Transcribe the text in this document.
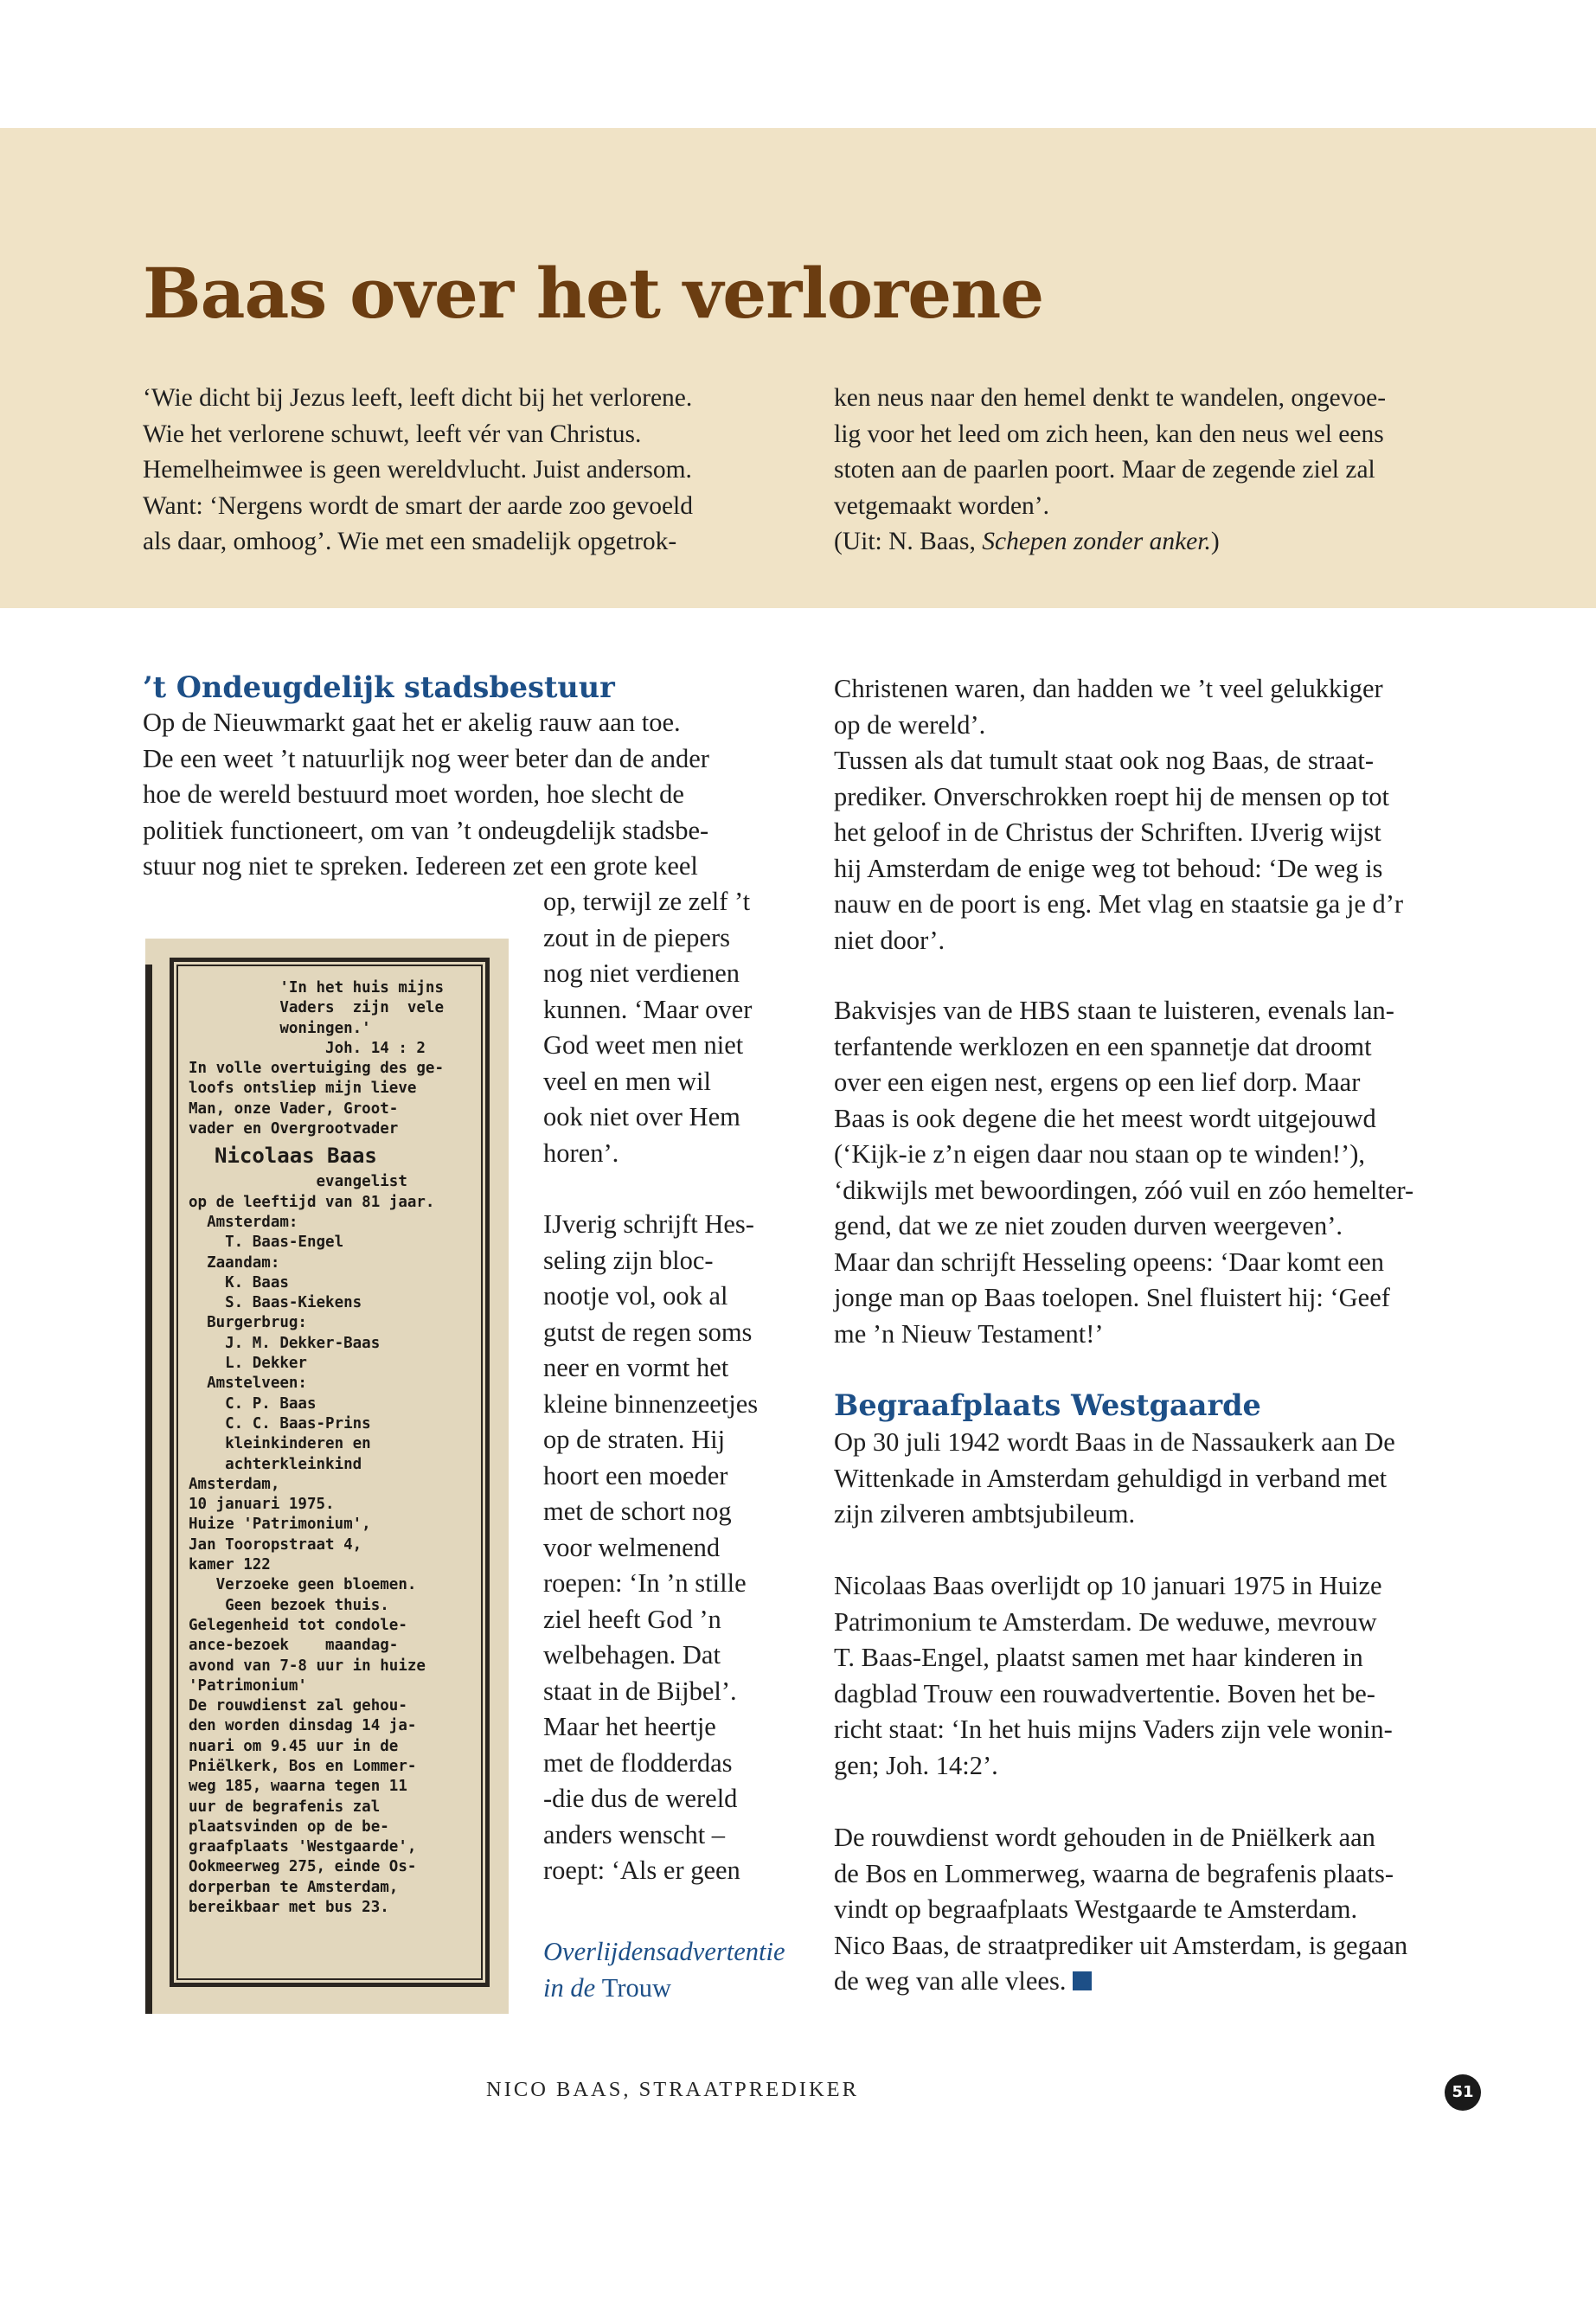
Baas over het verlorene
‘Wie dicht bij Jezus leeft, leeft dicht bij het verlorene.
Wie het verlorene schuwt, leeft vér van Christus.
Hemelheimwee is geen wereldvlucht. Juist andersom.
Want: ‘Nergens wordt de smart der aarde zoo gevoeld
als daar, omhoog’. Wie met een smadelijk opgetrok-
ken neus naar den hemel denkt te wandelen, ongevoe-
lig voor het leed om zich heen, kan den neus wel eens
stoten aan de paarlen poort. Maar de zegende ziel zal
vetgemaakt worden’.
(Uit: N. Baas, Schepen zonder anker.)
’t Ondeugdelijk stadsbestuur
Op de Nieuwmarkt gaat het er akelig rauw aan toe.
De een weet ’t natuurlijk nog weer beter dan de ander
hoe de wereld bestuurd moet worden, hoe slecht de
politiek functioneert, om van ’t ondeugdelijk stadsbe-
stuur nog niet te spreken. Iedereen zet een grote keel
op, terwijl ze zelf ’t
zout in de piepers
nog niet verdienen
kunnen. ‘Maar over
God weet men niet
veel en men wil
ook niet over Hem
horen’.
IJverig schrijft Hes-
seling zijn bloc-
nootje vol, ook al
gutst de regen soms
neer en vormt het
kleine binnenzeetjes
op de straten. Hij
hoort een moeder
met de schort nog
voor welmenend
roepen: ‘In ’n stille
ziel heeft God ’n
welbehagen. Dat
staat in de Bijbel’.
Maar het heertje
met de flodderdas
-die dus de wereld
anders wenscht –
roept: ‘Als er geen
'In het huis mijns
Vaders  zijn  vele
woningen.'
Joh. 14 : 2
In volle overtuiging des ge-
loofs ontsliep mijn lieve
Man, onze Vader, Groot-
vader en Overgrootvader
Nicolaas Baas
evangelist
op de leeftijd van 81 jaar.
Amsterdam:
T. Baas-Engel
Zaandam:
K. Baas
S. Baas-Kiekens
Burgerbrug:
J. M. Dekker-Baas
L. Dekker
Amstelveen:
C. P. Baas
C. C. Baas-Prins
kleinkinderen en
achterkleinkind
Amsterdam,
10 januari 1975.
Huize 'Patrimonium',
Jan Tooropstraat 4,
kamer 122
Verzoeke geen bloemen.
Geen bezoek thuis.
Gelegenheid tot condole-
ance-bezoek    maandag-
avond van 7-8 uur in huize
'Patrimonium'
De rouwdienst zal gehou-
den worden dinsdag 14 ja-
nuari om 9.45 uur in de
Pniëlkerk, Bos en Lommer-
weg 185, waarna tegen 11
uur de begrafenis zal
plaatsvinden op de be-
graafplaats 'Westgaarde',
Ookmeerweg 275, einde Os-
dorperban te Amsterdam,
bereikbaar met bus 23.
Overlijdensadvertentie
in de Trouw
Christenen waren, dan hadden we ’t veel gelukkiger
op de wereld’.
Tussen als dat tumult staat ook nog Baas, de straat-
prediker. Onverschrokken roept hij de mensen op tot
het geloof in de Christus der Schriften. IJverig wijst
hij Amsterdam de enige weg tot behoud: ‘De weg is
nauw en de poort is eng. Met vlag en staatsie ga je d’r
niet door’.
Bakvisjes van de HBS staan te luisteren, evenals lan-
terfantende werklozen en een spannetje dat droomt
over een eigen nest, ergens op een lief dorp. Maar
Baas is ook degene die het meest wordt uitgejouwd
(‘Kijk-ie z’n eigen daar nou staan op te winden!’),
‘dikwijls met bewoordingen, zóó vuil en zóo hemelter-
gend, dat we ze niet zouden durven weergeven’.
Maar dan schrijft Hesseling opeens: ‘Daar komt een
jonge man op Baas toelopen. Snel fluistert hij: ‘Geef
me ’n Nieuw Testament!’
Begraafplaats Westgaarde
Op 30 juli 1942 wordt Baas in de Nassaukerk aan De
Wittenkade in Amsterdam gehuldigd in verband met
zijn zilveren ambtsjubileum.
Nicolaas Baas overlijdt op 10 januari 1975 in Huize
Patrimonium te Amsterdam. De weduwe, mevrouw
T. Baas-Engel, plaatst samen met haar kinderen in
dagblad Trouw een rouwadvertentie. Boven het be-
richt staat: ‘In het huis mijns Vaders zijn vele wonin-
gen; Joh. 14:2’.
De rouwdienst wordt gehouden in de Pniëlkerk aan
de Bos en Lommerweg, waarna de begrafenis plaats-
vindt op begraafplaats Westgaarde te Amsterdam.
Nico Baas, de straatprediker uit Amsterdam, is gegaan
de weg van alle vlees.
NICO BAAS, STRAATPREDIKER	51
